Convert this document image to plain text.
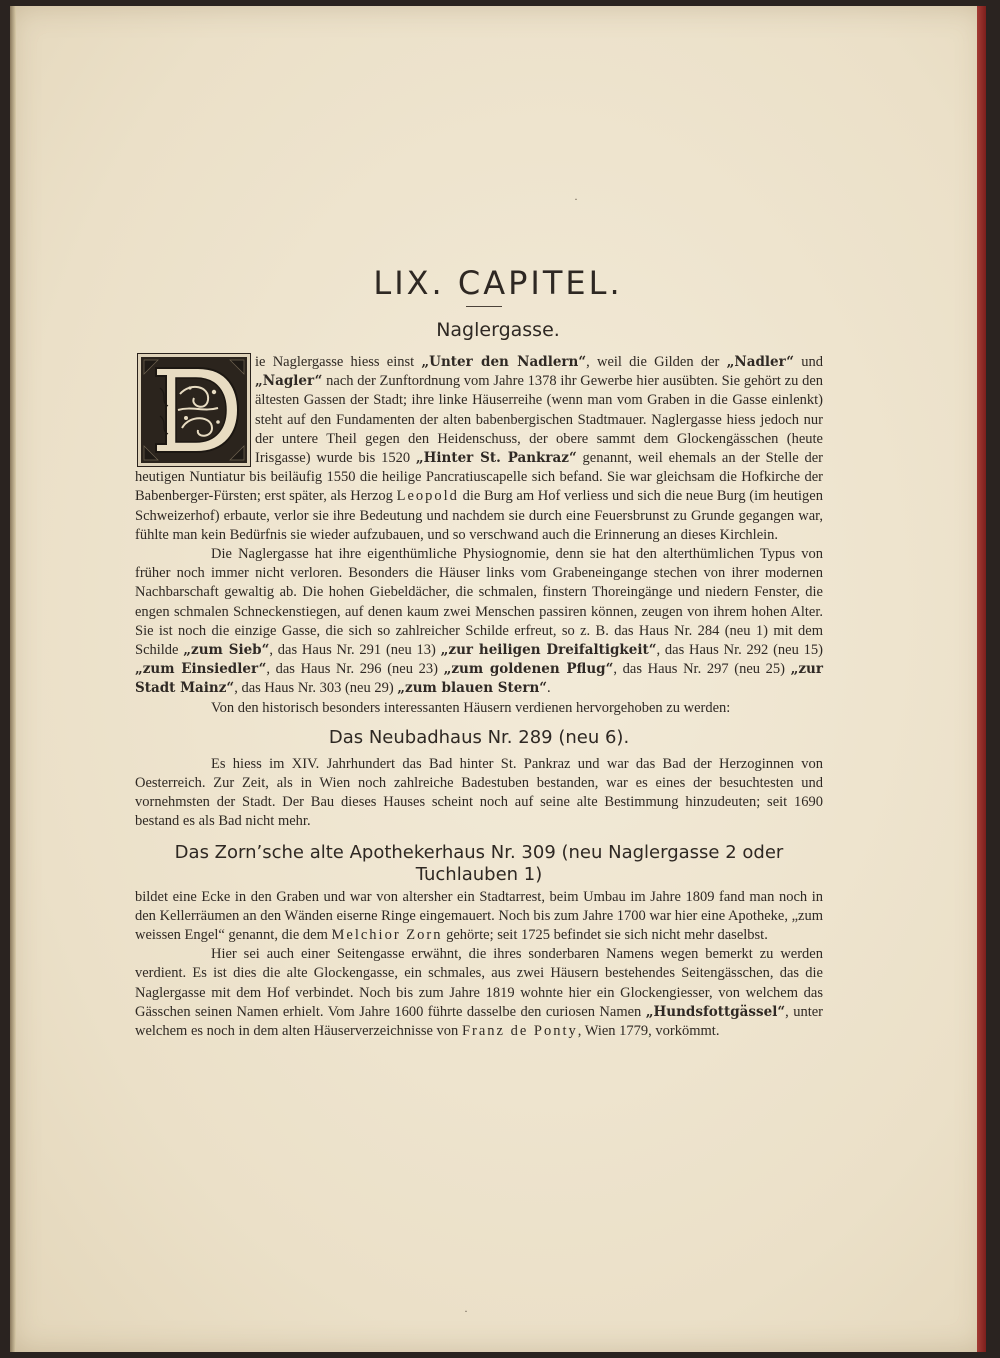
·
·
LIX. CAPITEL.
Naglergasse.

ie Naglergasse hiess einst „Unter den Nadlern“, weil die Gilden der „Nadler“ und „Nagler“ nach der Zunftordnung vom Jahre 1378 ihr Gewerbe hier ausübten. Sie gehört zu den ältesten Gassen der Stadt; ihre linke Häuserreihe (wenn man vom Graben in die Gasse einlenkt) steht auf den Fundamenten der alten babenbergischen Stadtmauer. Naglergasse hiess jedoch nur der untere Theil gegen den Heidenschuss, der obere sammt dem Glockengässchen (heute Irisgasse) wurde bis 1520 „Hinter St. Pankraz“ genannt, weil ehemals an der Stelle der heutigen Nuntiatur bis beiläufig 1550 die heilige Pancratiuscapelle sich befand. Sie war gleichsam die Hofkirche der Babenberger-Fürsten; erst später, als Herzog Leopold die Burg am Hof verliess und sich die neue Burg (im heutigen Schweizerhof) erbaute, verlor sie ihre Bedeutung und nachdem sie durch eine Feuersbrunst zu Grunde gegangen war, fühlte man kein Bedürfnis sie wieder aufzubauen, und so verschwand auch die Erinnerung an dieses Kirchlein.

Die Naglergasse hat ihre eigenthümliche Physiognomie, denn sie hat den alterthümlichen Typus von früher noch immer nicht verloren. Besonders die Häuser links vom Grabeneingange stechen von ihrer modernen Nachbarschaft gewaltig ab. Die hohen Giebeldächer, die schmalen, finstern Thoreingänge und niedern Fenster, die engen schmalen Schneckenstiegen, auf denen kaum zwei Menschen passiren können, zeugen von ihrem hohen Alter. Sie ist noch die einzige Gasse, die sich so zahlreicher Schilde erfreut, so z. B. das Haus Nr. 284 (neu 1) mit dem Schilde „zum Sieb“, das Haus Nr. 291 (neu 13) „zur heiligen Dreifaltigkeit“, das Haus Nr. 292 (neu 15) „zum Einsiedler“, das Haus Nr. 296 (neu 23) „zum goldenen Pflug“, das Haus Nr. 297 (neu 25) „zur Stadt Mainz“, das Haus Nr. 303 (neu 29) „zum blauen Stern“.

Von den historisch besonders interessanten Häusern verdienen hervorgehoben zu werden:

Das Neubadhaus Nr. 289 (neu 6).

Es hiess im XIV. Jahrhundert das Bad hinter St. Pankraz und war das Bad der Herzoginnen von Oesterreich. Zur Zeit, als in Wien noch zahlreiche Badestuben bestanden, war es eines der besuchtesten und vornehmsten der Stadt. Der Bau dieses Hauses scheint noch auf seine alte Bestimmung hinzudeuten; seit 1690 bestand es als Bad nicht mehr.

Das Zorn’sche alte Apothekerhaus Nr. 309 (neu Naglergasse 2 oder
Tuchlauben 1)

bildet eine Ecke in den Graben und war von altersher ein Stadtarrest, beim Umbau im Jahre 1809 fand man noch in den Kellerräumen an den Wänden eiserne Ringe eingemauert. Noch bis zum Jahre 1700 war hier eine Apotheke, „zum weissen Engel“ genannt, die dem Melchior Zorn gehörte; seit 1725 befindet sie sich nicht mehr daselbst.

Hier sei auch einer Seitengasse erwähnt, die ihres sonderbaren Namens wegen bemerkt zu werden verdient. Es ist dies die alte Glockengasse, ein schmales, aus zwei Häusern bestehendes Seitengässchen, das die Naglergasse mit dem Hof verbindet. Noch bis zum Jahre 1819 wohnte hier ein Glockengiesser, von welchem das Gässchen seinen Namen erhielt. Vom Jahre 1600 führte dasselbe den curiosen Namen „Hundsfottgässel“, unter welchem es noch in dem alten Häuserverzeichnisse von Franz de Ponty, Wien 1779, vorkömmt.
